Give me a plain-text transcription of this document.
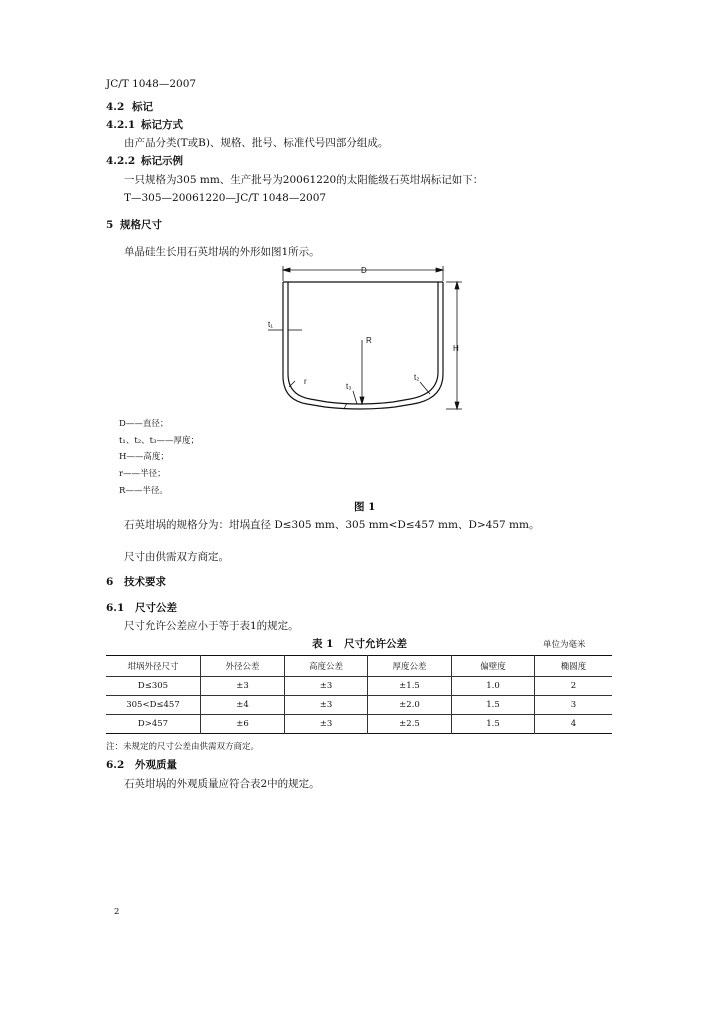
JC/T 1048—2007
4.2 标记
4.2.1 标记方式
由产品分类(T或B)、规格、批号、标准代号四部分组成。
4.2.2 标记示例
一只规格为305 mm、生产批号为20061220的太阳能级石英坩埚标记如下：
T—305—20061220—JC/T 1048—2007
5 规格尺寸
单晶硅生长用石英坩埚的外形如图1所示。
D
H
R
t₁
t₂
t₃
r
D——直径；
t₁、t₂、t₃——厚度；
H——高度；
r——半径；
R——半径。
图 1
石英坩埚的规格分为：坩埚直径 D≤305 mm、305 mm<D≤457 mm、D>457 mm。
尺寸由供需双方商定。
6 技术要求
6.1 尺寸公差
尺寸允许公差应小于等于表1的规定。
表 1　尺寸允许公差	单位为毫米
坩埚外径尺寸	外径公差	高度公差	厚度公差	偏壁度	椭圆度
D≤305	±3	±3	±1.5	1.0	2
305<D≤457	±4	±3	±2.0	1.5	3
D>457	±6	±3	±2.5	1.5	4
注：未规定的尺寸公差由供需双方商定。
6.2 外观质量
石英坩埚的外观质量应符合表2中的规定。
2
